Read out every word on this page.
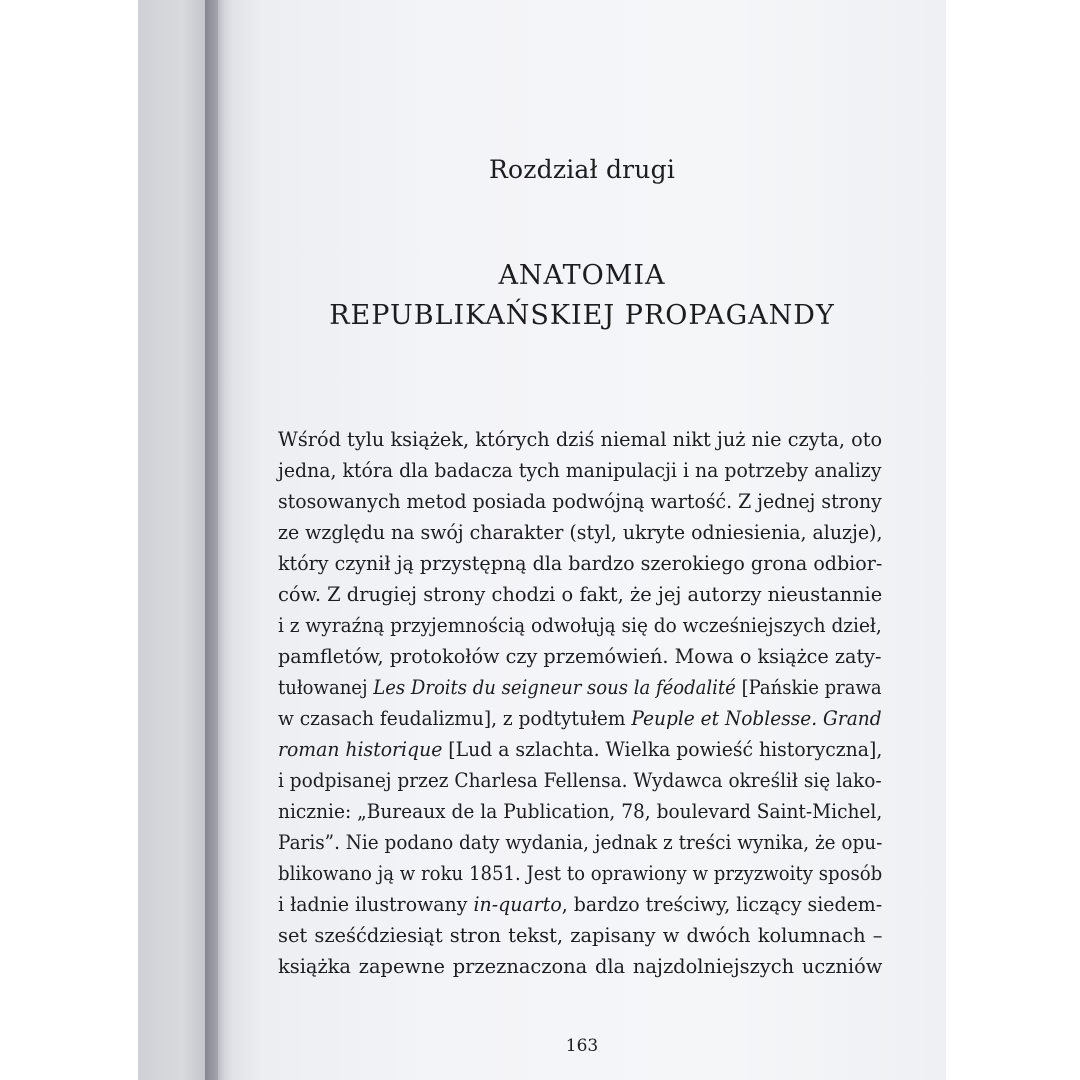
Rozdział drugi
ANATOMIA
REPUBLIKAŃSKIEJ PROPAGANDY
Wśród tylu książek, których dziś niemal nikt już nie czyta, oto
jedna, która dla badacza tych manipulacji i na potrzeby analizy
stosowanych metod posiada podwójną wartość. Z jednej strony
ze względu na swój charakter (styl, ukryte odniesienia, aluzje),
który czynił ją przystępną dla bardzo szerokiego grona odbior-
ców. Z drugiej strony chodzi o fakt, że jej autorzy nieustannie
i z wyraźną przyjemnością odwołują się do wcześniejszych dzieł,
pamfletów, protokołów czy przemówień. Mowa o książce zaty-
tułowanej Les Droits du seigneur sous la féodalité [Pańskie prawa
w czasach feudalizmu], z podtytułem Peuple et Noblesse. Grand
roman historique [Lud a szlachta. Wielka powieść historyczna],
i podpisanej przez Charlesa Fellensa. Wydawca określił się lako-
nicznie: „Bureaux de la Publication, 78, boulevard Saint-Michel,
Paris”. Nie podano daty wydania, jednak z treści wynika, że opu-
blikowano ją w roku 1851. Jest to oprawiony w przyzwoity sposób
i ładnie ilustrowany in-quarto, bardzo treściwy, liczący siedem-
set sześćdziesiąt stron tekst, zapisany w dwóch kolumnach –
książka zapewne przeznaczona dla najzdolniejszych uczniów
163
